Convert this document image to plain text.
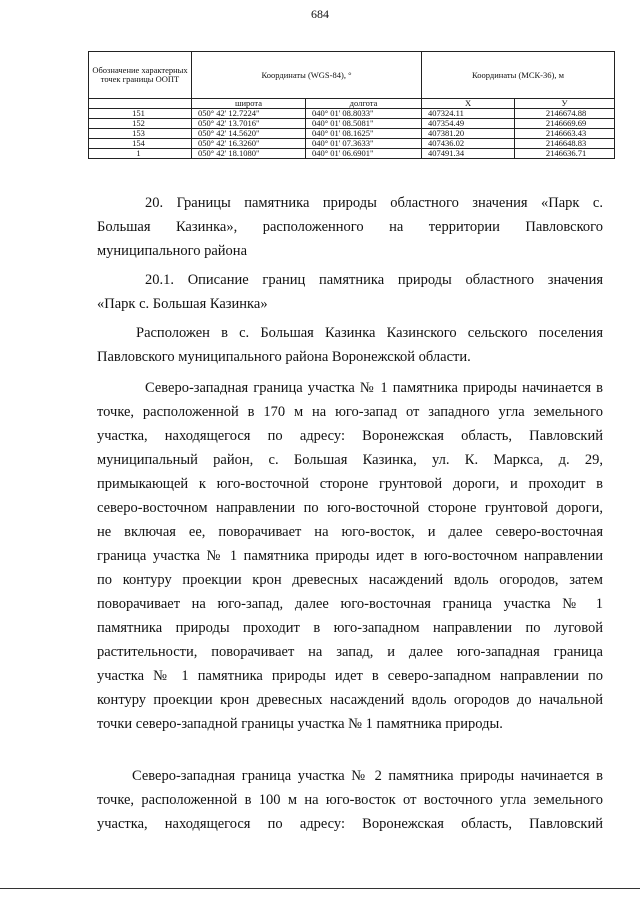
684
Обозначение характерных точек границы ООПТ	Координаты (WGS-84), °		Координаты (МСК-36), м	
	широта	долгота	X	У
151	050° 42' 12.7224"	040° 01' 08.8033"	407324.11	2146674.88
152	050° 42' 13.7016"	040° 01' 08.5081"	407354.49	2146669.69
153	050° 42' 14.5620"	040° 01' 08.1625"	407381.20	2146663.43
154	050° 42' 16.3260"	040° 01' 07.3633"	407436.02	2146648.83
1	050° 42' 18.1080"	040° 01' 06.6901"	407491.34	2146636.71

20. Границы памятника природы областного значения «Парк с.

Большая Казинка», расположенного на территории Павловского

муниципального района

20.1. Описание границ памятника природы областного значения

«Парк с. Большая Казинка»

Расположен в с. Большая Казинка Казинского сельского поселения

Павловского муниципального района Воронежской области.

Северо-западная граница участка № 1 памятника природы начинается в

точке, расположенной в 170 м на юго-запад от западного угла земельного

участка, находящегося по адресу: Воронежская область, Павловский

муниципальный район, с. Большая Казинка, ул. К. Маркса, д. 29,

примыкающей к юго-восточной стороне грунтовой дороги, и проходит в

северо-восточном направлении по юго-восточной стороне грунтовой дороги,

не включая ее, поворачивает на юго-восток, и далее северо-восточная

граница участка № 1 памятника природы идет в юго-восточном направлении

по контуру проекции крон древесных насаждений вдоль огородов, затем

поворачивает на юго-запад, далее юго-восточная граница участка № 1

памятника природы проходит в юго-западном направлении по луговой

растительности, поворачивает на запад, и далее юго-западная граница

участка № 1 памятника природы идет в северо-западном направлении по

контуру проекции крон древесных насаждений вдоль огородов до начальной

точки северо-западной границы участка № 1 памятника природы.

Северо-западная граница участка № 2 памятника природы начинается в

точке, расположенной в 100 м на юго-восток от восточного угла земельного

участка, находящегося по адресу: Воронежская область, Павловский
